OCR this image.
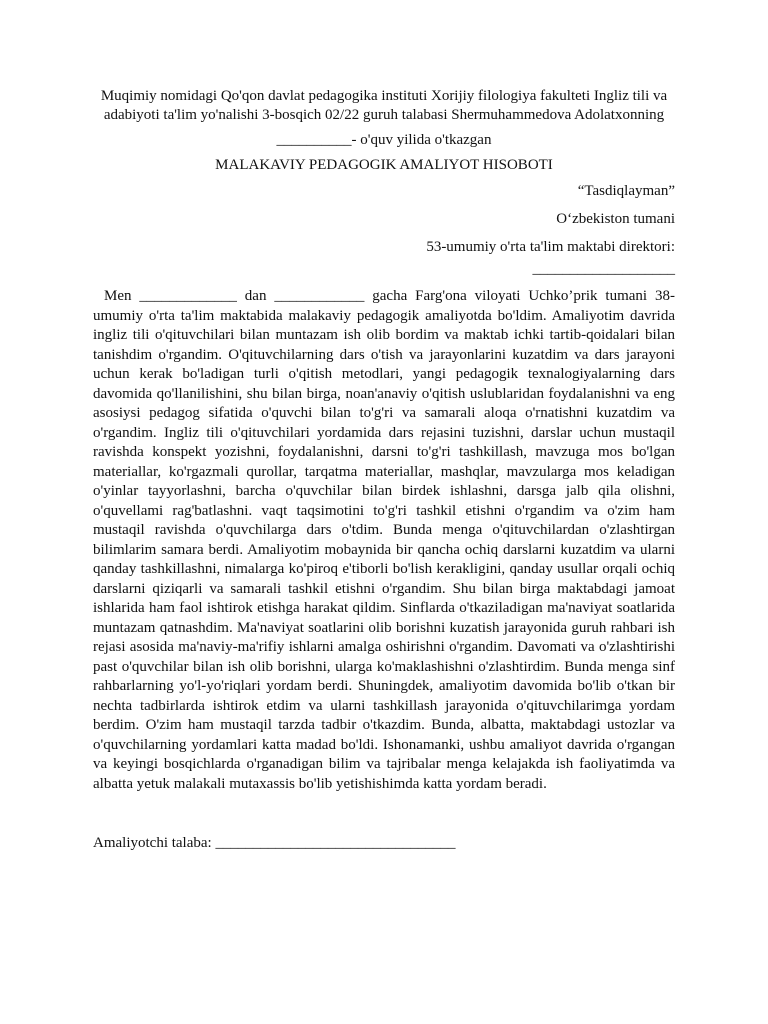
Muqimiy nomidagi Qo'qon davlat pedagogika instituti Xorijiy filologiya fakulteti Ingliz tili va adabiyoti ta'lim yo'nalishi 3-bosqich 02/22 guruh talabasi Shermuhammedova Adolatxonning
__________- o'quv yilida o'tkazgan
MALAKAVIY PEDAGOGIK AMALIYOT HISOBOTI
“Tasdiqlayman”
O‘zbekiston tumani
53-umumiy o'rta ta'lim maktabi direktori:
___________________

Men _____________ dan ____________ gacha Farg'ona viloyati Uchko’prik tumani 38-umumiy o'rta ta'lim maktabida malakaviy pedagogik amaliyotda bo'ldim. Amaliyotim davrida ingliz tili o'qituvchilari bilan muntazam ish olib bordim va maktab ichki tartib-qoidalari bilan tanishdim o'rgandim. O'qituvchilarning dars o'tish va jarayonlarini kuzatdim va dars jarayoni uchun kerak bo'ladigan turli o'qitish metodlari, yangi pedagogik texnalogiyalarning dars davomida qo'llanilishini, shu bilan birga, noan'anaviy o'qitish uslublaridan foydalanishni va eng asosiysi pedagog sifatida o'quvchi bilan to'g'ri va samarali aloqa o'rnatishni kuzatdim va o'rgandim. Ingliz tili o'qituvchilari yordamida dars rejasini tuzishni, darslar uchun mustaqil ravishda konspekt yozishni, foydalanishni, darsni to'g'ri tashkillash, mavzuga mos bo'lgan materiallar, ko'rgazmali qurollar, tarqatma materiallar, mashqlar, mavzularga mos keladigan o'yinlar tayyorlashni, barcha o'quvchilar bilan birdek ishlashni, darsga jalb qila olishni, o'quvellami rag'batlashni. vaqt taqsimotini to'g'ri tashkil etishni o'rgandim va o'zim ham mustaqil ravishda o'quvchilarga dars o'tdim. Bunda menga o'qituvchilardan o'zlashtirgan bilimlarim samara berdi. Amaliyotim mobaynida bir qancha ochiq darslarni kuzatdim va ularni qanday tashkillashni, nimalarga ko'piroq e'tiborli bo'lish kerakligini, qanday usullar orqali ochiq darslarni qiziqarli va samarali tashkil etishni o'rgandim. Shu bilan birga maktabdagi jamoat ishlarida ham faol ishtirok etishga harakat qildim. Sinflarda o'tkaziladigan ma'naviyat soatlarida muntazam qatnashdim. Ma'naviyat soatlarini olib borishni kuzatish jarayonida guruh rahbari ish rejasi asosida ma'naviy-ma'rifiy ishlarni amalga oshirishni o'rgandim. Davomati va o'zlashtirishi past o'quvchilar bilan ish olib borishni, ularga ko'maklashishni o'zlashtirdim. Bunda menga sinf rahbarlarning yo'l-yo'riqlari yordam berdi. Shuningdek, amaliyotim davomida bo'lib o'tkan bir nechta tadbirlarda ishtirok etdim va ularni tashkillash jarayonida o'qituvchilarimga yordam berdim. O'zim ham mustaqil tarzda tadbir o'tkazdim. Bunda, albatta, maktabdagi ustozlar va o'quvchilarning yordamlari katta madad bo'ldi. Ishonamanki, ushbu amaliyot davrida o'rgangan va keyingi bosqichlarda o'rganadigan bilim va tajribalar menga kelajakda ish faoliyatimda va albatta yetuk malakali mutaxassis bo'lib yetishishimda katta yordam beradi.

Amaliyotchi talaba: ________________________________
